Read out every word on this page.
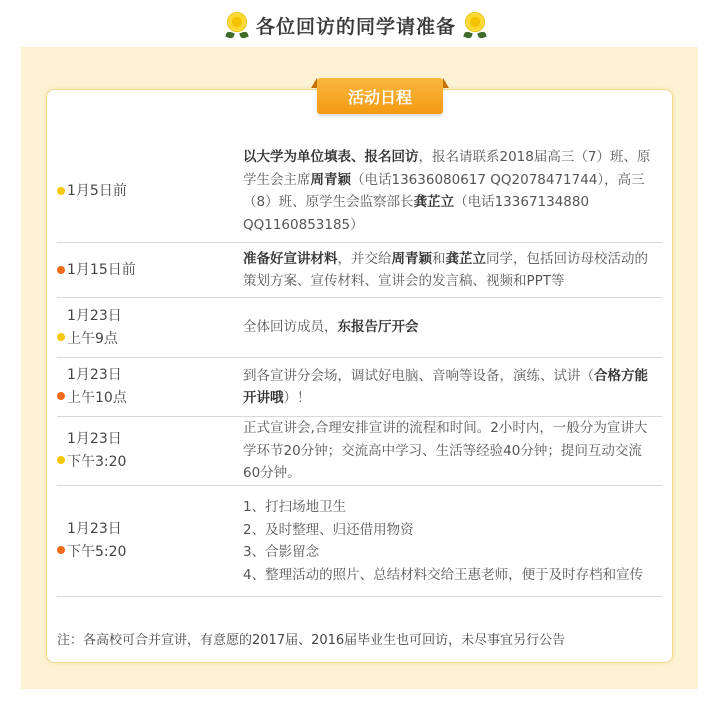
各位回访的同学请准备
活动日程
1月5日前
以大学为单位填表、报名回访，报名请联系2018届高三（7）班、原学生会主席周青颖（电话13636080617 QQ2078471744），高三（8）班、原学生会监察部长龚芷立（电话13367134880 QQ1160853185）
1月15日前
准备好宣讲材料，并交给周青颖和龚芷立同学，包括回访母校活动的策划方案、宣传材料、宣讲会的发言稿、视频和PPT等
1月23日
上午9点
全体回访成员，东报告厅开会
1月23日
上午10点
到各宣讲分会场，调试好电脑、音响等设备，演练、试讲（合格方能开讲哦）！
1月23日
下午3:20
正式宣讲会,合理安排宣讲的流程和时间。2小时内，一般分为宣讲大学环节20分钟；交流高中学习、生活等经验40分钟；提问互动交流60分钟。
1月23日
下午5:20
1、打扫场地卫生
2、及时整理、归还借用物资
3、合影留念
4、整理活动的照片、总结材料交给王惠老师，便于及时存档和宣传
注：各高校可合并宣讲，有意愿的2017届、2016届毕业生也可回访，未尽事宜另行公告
